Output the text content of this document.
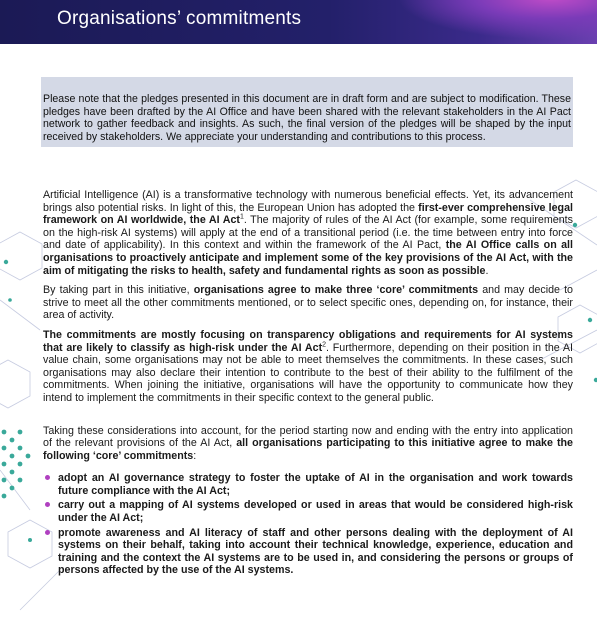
Organisations’ commitments

Please note that the pledges presented in this document are in draft form and are subject to modification. These pledges have been drafted by the AI Office and have been shared with the relevant stakeholders in the AI Pact network to gather feedback and insights. As such, the final version of the pledges will be shaped by the input received by stakeholders. We appreciate your understanding and contributions to this process.

Artificial Intelligence (AI) is a transformative technology with numerous beneficial effects. Yet, its advancement brings also potential risks. In light of this, the European Union has adopted the first-ever comprehensive legal framework on AI worldwide, the AI Act$^1$. The majority of rules of the AI Act (for example, some requirements on the high-risk AI systems) will apply at the end of a transitional period (i.e. the time between entry into force and date of applicability). In this context and within the framework of the AI Pact, the AI Office calls on all organisations to proactively anticipate and implement some of the key provisions of the AI Act, with the aim of mitigating the risks to health, safety and fundamental rights as soon as possible.

By taking part in this initiative, organisations agree to make three ‘core’ commitments and may decide to strive to meet all the other commitments mentioned, or to select specific ones, depending on, for instance, their area of activity.

The commitments are mostly focusing on transparency obligations and requirements for AI systems that are likely to classify as high-risk under the AI Act$^2$. Furthermore, depending on their position in the AI value chain, some organisations may not be able to meet themselves the commitments. In these cases, such organisations may also declare their intention to contribute to the best of their ability to the fulfilment of the commitments. When joining the initiative, organisations will have the opportunity to communicate how they intend to implement the commitments in their specific context to the general public.

Taking these considerations into account, for the period starting now and ending with the entry into application of the relevant provisions of the AI Act, all organisations participating to this initiative agree to make the following ‘core’ commitments:

adopt an AI governance strategy to foster the uptake of AI in the organisation and work towards future compliance with the AI Act;
carry out a mapping of AI systems developed or used in areas that would be considered high-risk under the AI Act;
promote awareness and AI literacy of staff and other persons dealing with the deployment of AI systems on their behalf, taking into account their technical knowledge, experience, education and training and the context the AI systems are to be used in, and considering the persons or groups of persons affected by the use of the AI systems.
